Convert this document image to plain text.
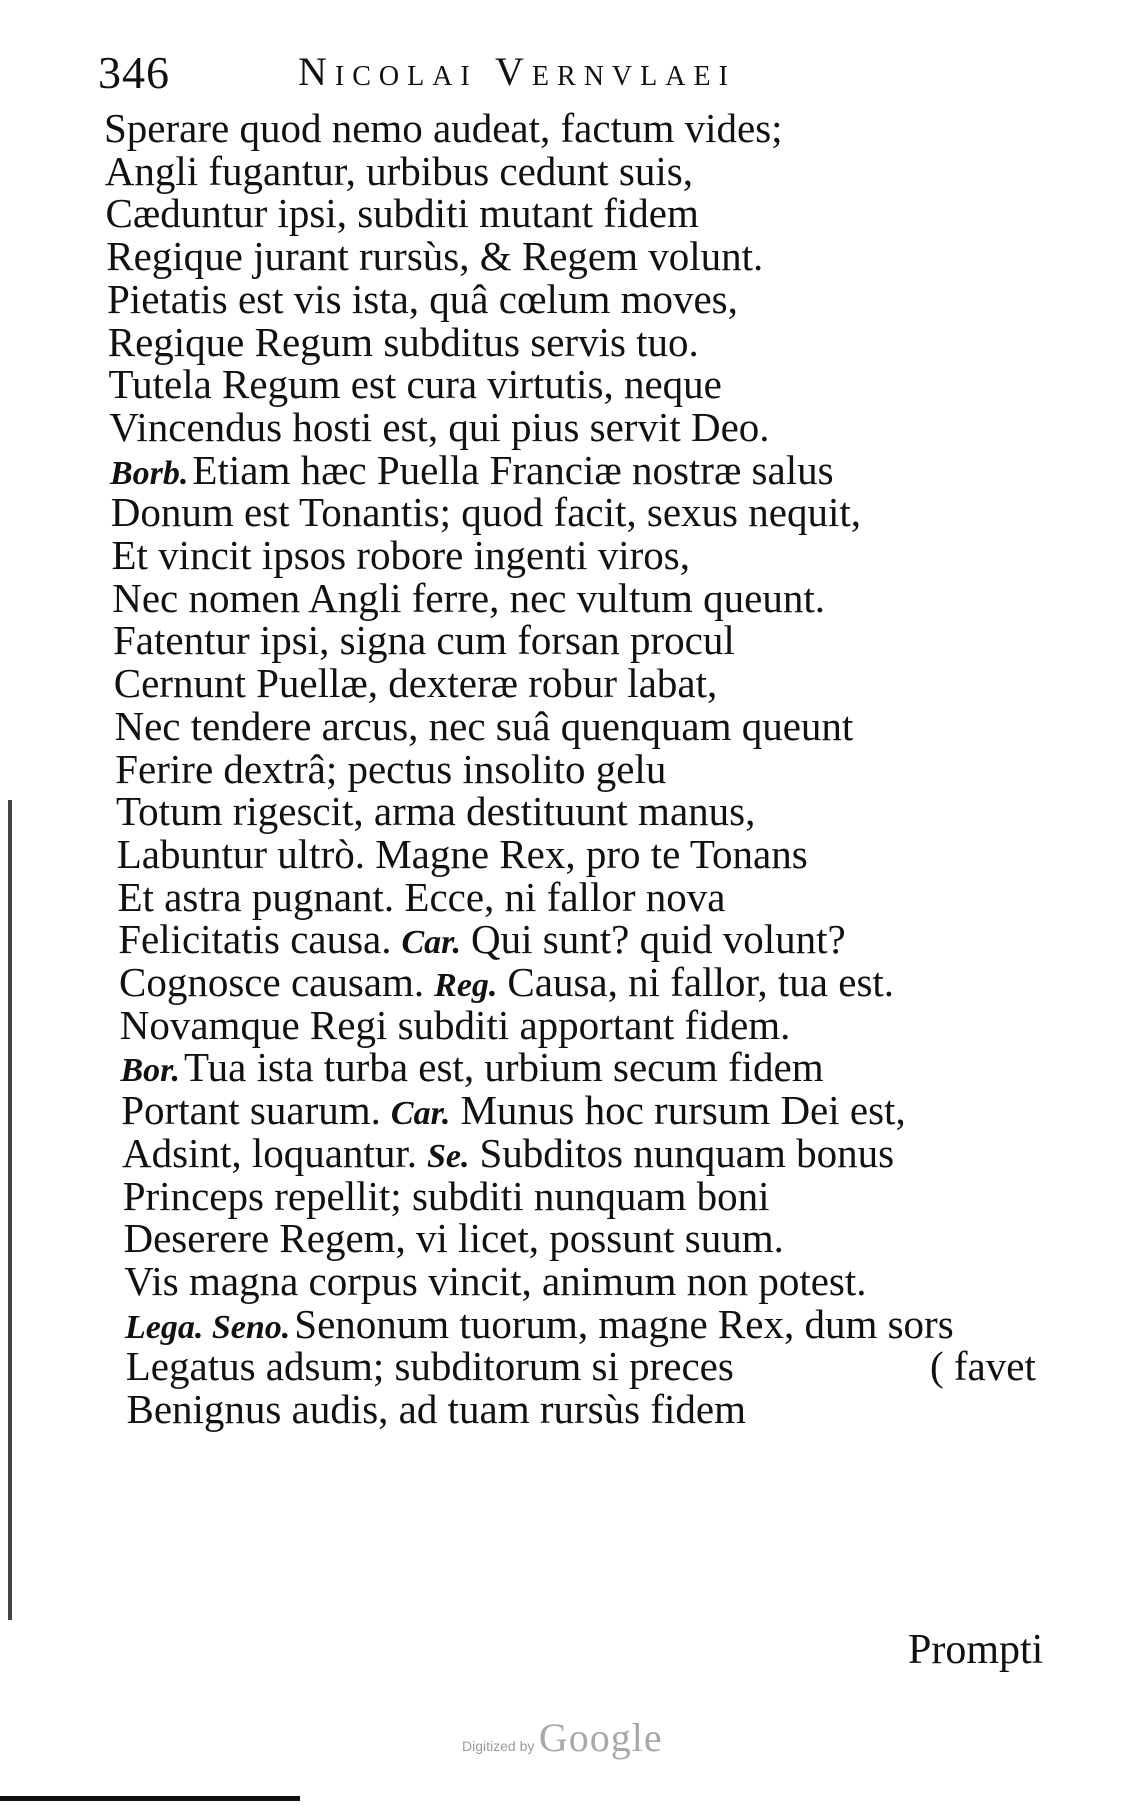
346	Nicolai Vernvlaei
Sperare quod nemo audeat, factum vides;
Angli fugantur, urbibus cedunt suis,
Cæduntur ipsi, subditi mutant fidem
Regique jurant rursùs, & Regem volunt.
Pietatis est vis ista, quâ cœlum moves,
Regique Regum subditus servis tuo.
Tutela Regum est cura virtutis, neque
Vincendus hosti est, qui pius servit Deo.
Borb.Etiam hæc Puella Franciæ nostræ salus
Donum est Tonantis; quod facit, sexus nequit,
Et vincit ipsos robore ingenti viros,
Nec nomen Angli ferre, nec vultum queunt.
Fatentur ipsi, signa cum forsan procul
Cernunt Puellæ, dexteræ robur labat,
Nec tendere arcus, nec suâ quenquam queunt
Ferire dextrâ; pectus insolito gelu
Totum rigescit, arma destituunt manus,
Labuntur ultrò. Magne Rex, pro te Tonans
Et astra pugnant. Ecce, ni fallor nova
Felicitatis causa. Car. Qui sunt? quid volunt?
Cognosce causam. Reg. Causa, ni fallor, tua est.
Novamque Regi subditi apportant fidem.
Bor.Tua ista turba est, urbium secum fidem
Portant suarum. Car. Munus hoc rursum Dei est,
Adsint, loquantur. Se. Subditos nunquam bonus
Princeps repellit; subditi nunquam boni
Deserere Regem, vi licet, possunt suum.
Vis magna corpus vincit, animum non potest.
Lega. Seno.Senonum tuorum, magne Rex, dum sors
Legatus adsum; subditorum si preces
Benignus audis, ad tuam rursùs fidem
( favet
Prompti
Digitized by Google
